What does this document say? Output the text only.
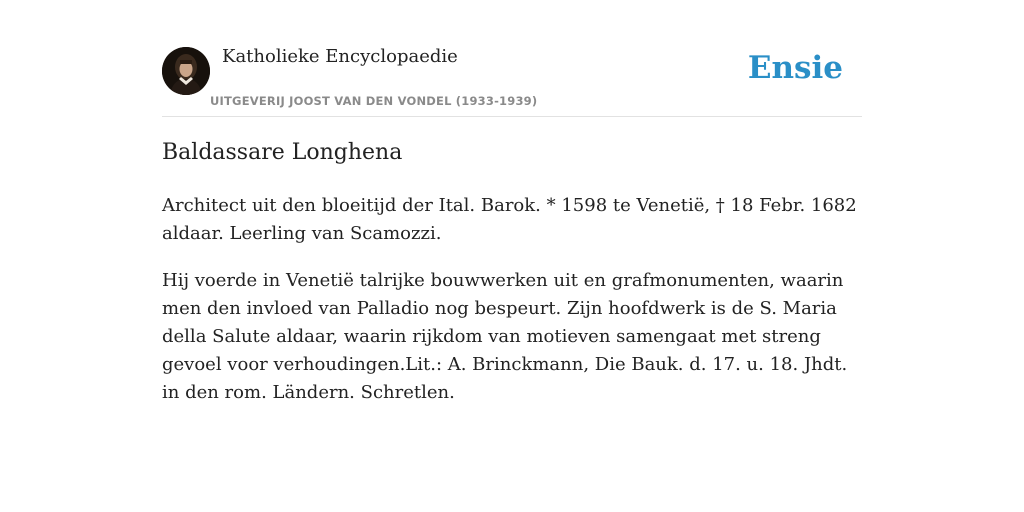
Katholieke Encyclopaedie
UITGEVERIJ JOOST VAN DEN VONDEL (1933-1939)
Ensie
Baldassare Longhena

Architect uit den bloeitijd der Ital. Barok. * 1598 te Venetië, † 18 Febr. 1682 aldaar. Leerling van Scamozzi.

Hij voerde in Venetië talrijke bouwwerken uit en grafmonumenten, waarin men den invloed van Palladio nog bespeurt. Zijn hoofdwerk is de S. Maria della Salute aldaar, waarin rijkdom van motieven samengaat met streng gevoel voor verhoudingen.Lit.: A. Brinckmann, Die Bauk. d. 17. u. 18. Jhdt. in den rom. Ländern. Schretlen.
